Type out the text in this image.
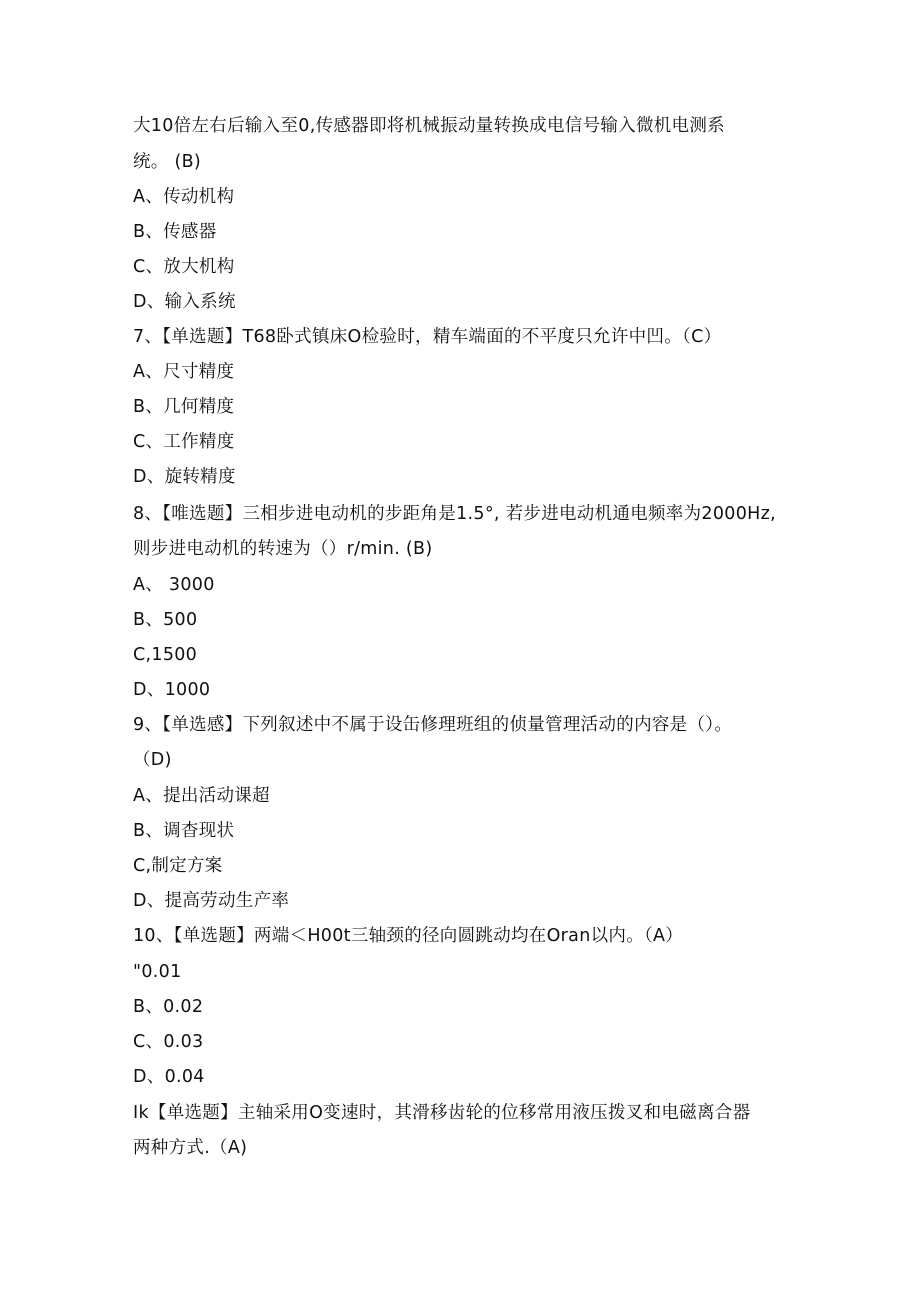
大10倍左右后输入至0,传感器即将机械振动量转换成电信号输入微机电测系
统。 (B)
A、传动机构
B、传感器
C、放大机构
D、输入系统
7、【单选题】T68卧式镇床O检验时，精车端面的不平度只允许中凹。（C）
A、尺寸精度
B、几何精度
C、工作精度
D、旋转精度
8、【唯选题】三相步进电动机的步距角是1.5°, 若步进电动机通电频率为2000Hz,
则步进电动机的转速为（）r/min. (B)
A、 3000
B、500
C,1500
D、1000
9、【单选感】下列叙述中不属于设缶修理班组的侦量管理活动的内容是（）。
（D)
A、提出活动课超
B、调杳现状
C,制定方案
D、提高劳动生产率
10、【单选题】两端＜H00t三轴颈的径向圆跳动均在Oran以内。（A）
"0.01
B、0.02
C、0.03
D、0.04
Ik【单选题】主轴采用O变速时，其滑移齿轮的位移常用液压拨叉和电磁离合器
两种方式.（A)
